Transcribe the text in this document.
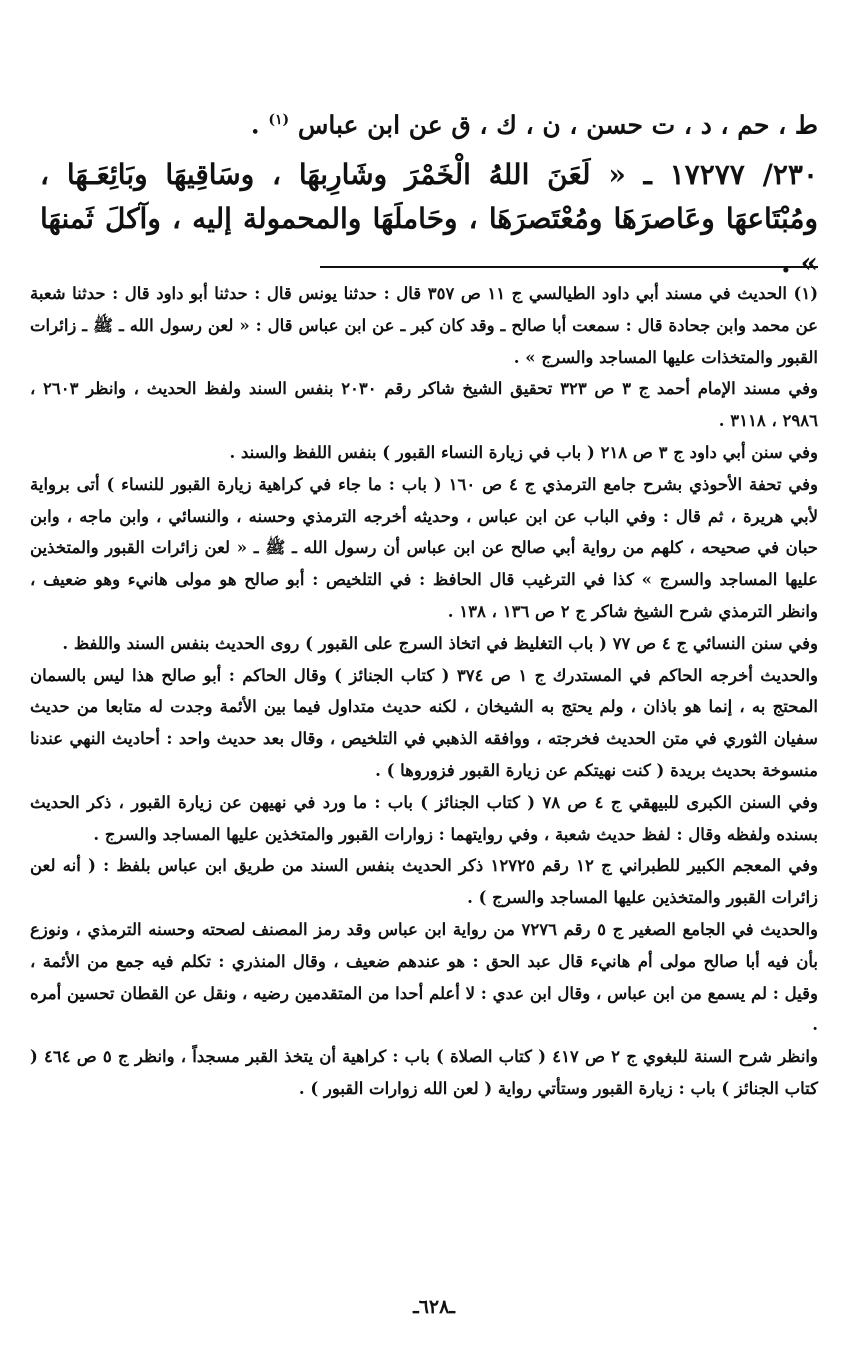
ط ، حم ، د ، ت حسن ، ن ، ك ، ق عن ابن عباس $^{(١)}$ .

٢٣٠/ ١٧٢٧٧ ـ « لَعَنَ اللهُ الْخَمْرَ وشَارِبهَا ، وسَاقِيهَا وبَائِعَـهَا ، ومُبْتَاعهَا وعَاصرَهَا ومُعْتَصرَهَا ، وحَاملَهَا والمحمولة إليه ، وآكلَ ثَمنهَا » .

(١) الحديث في مسند أبي داود الطيالسي ج ١١ ص ٣٥٧ قال : حدثنا يونس قال : حدثنا أبو داود قال : حدثنا شعبة عن محمد وابن جحادة قال : سمعت أبا صالح ـ وقد كان كبر ـ عن ابن عباس قال : « لعن رسول الله ـ ﷺ ـ زائرات القبور والمتخذات عليها المساجد والسرج » .

وفي مسند الإمام أحمد ج ٣ ص ٣٢٣ تحقيق الشيخ شاكر رقم ٢٠٣٠ بنفس السند ولفظ الحديث ، وانظر ٢٦٠٣ ، ٢٩٨٦ ، ٣١١٨ .

وفي سنن أبي داود ج ٣ ص ٢١٨ ( باب في زيارة النساء القبور ) بنفس اللفظ والسند .

وفي تحفة الأحوذي بشرح جامع الترمذي ج ٤ ص ١٦٠ ( باب : ما جاء في كراهية زيارة القبور للنساء ) أتى برواية لأبي هريرة ، ثم قال : وفي الباب عن ابن عباس ، وحديثه أخرجه الترمذي وحسنه ، والنسائي ، وابن ماجه ، وابن حبان في صحيحه ، كلهم من رواية أبي صالح عن ابن عباس أن رسول الله ـ ﷺ ـ « لعن زائرات القبور والمتخذين عليها المساجد والسرج » كذا في الترغيب قال الحافظ : في التلخيص : أبو صالح هو مولى هانيء وهو ضعيف ، وانظر الترمذي شرح الشيخ شاكر ج ٢ ص ١٣٦ ، ١٣٨ .

وفي سنن النسائي ج ٤ ص ٧٧ ( باب التغليظ في اتخاذ السرج على القبور ) روى الحديث بنفس السند واللفظ .

والحديث أخرجه الحاكم في المستدرك ج ١ ص ٣٧٤ ( كتاب الجنائز ) وقال الحاكم : أبو صالح هذا ليس بالسمان المحتج به ، إنما هو باذان ، ولم يحتج به الشيخان ، لكنه حديث متداول فيما بين الأئمة وجدت له متابعا من حديث سفيان الثوري في متن الحديث فخرجته ، ووافقه الذهبي في التلخيص ، وقال بعد حديث واحد : أحاديث النهي عندنا منسوخة بحديث بريدة ( كنت نهيتكم عن زيارة القبور فزوروها ) .

وفي السنن الكبرى للبيهقي ج ٤ ص ٧٨ ( كتاب الجنائز ) باب : ما ورد في نهيهن عن زيارة القبور ، ذكر الحديث بسنده ولفظه وقال : لفظ حديث شعبة ، وفي روايتهما : زوارات القبور والمتخذين عليها المساجد والسرج .

وفي المعجم الكبير للطبراني ج ١٢ رقم ١٢٧٢٥ ذكر الحديث بنفس السند من طريق ابن عباس بلفظ : ( أنه لعن زائرات القبور والمتخذين عليها المساجد والسرج ) .

والحديث في الجامع الصغير ج ٥ رقم ٧٢٧٦ من رواية ابن عباس وقد رمز المصنف لصحته وحسنه الترمذي ، ونوزع بأن فيه أبا صالح مولى أم هانيء قال عبد الحق : هو عندهم ضعيف ، وقال المنذري : تكلم فيه جمع من الأئمة ، وقيل : لم يسمع من ابن عباس ، وقال ابن عدي : لا أعلم أحدا من المتقدمين رضيه ، ونقل عن القطان تحسين أمره .

وانظر شرح السنة للبغوي ج ٢ ص ٤١٧ ( كتاب الصلاة ) باب : كراهية أن يتخذ القبر مسجداً ، وانظر ج ٥ ص ٤٦٤ ( كتاب الجنائز ) باب : زيارة القبور وستأتي رواية ( لعن الله زوارات القبور ) .

ـ٦٢٨ـ
